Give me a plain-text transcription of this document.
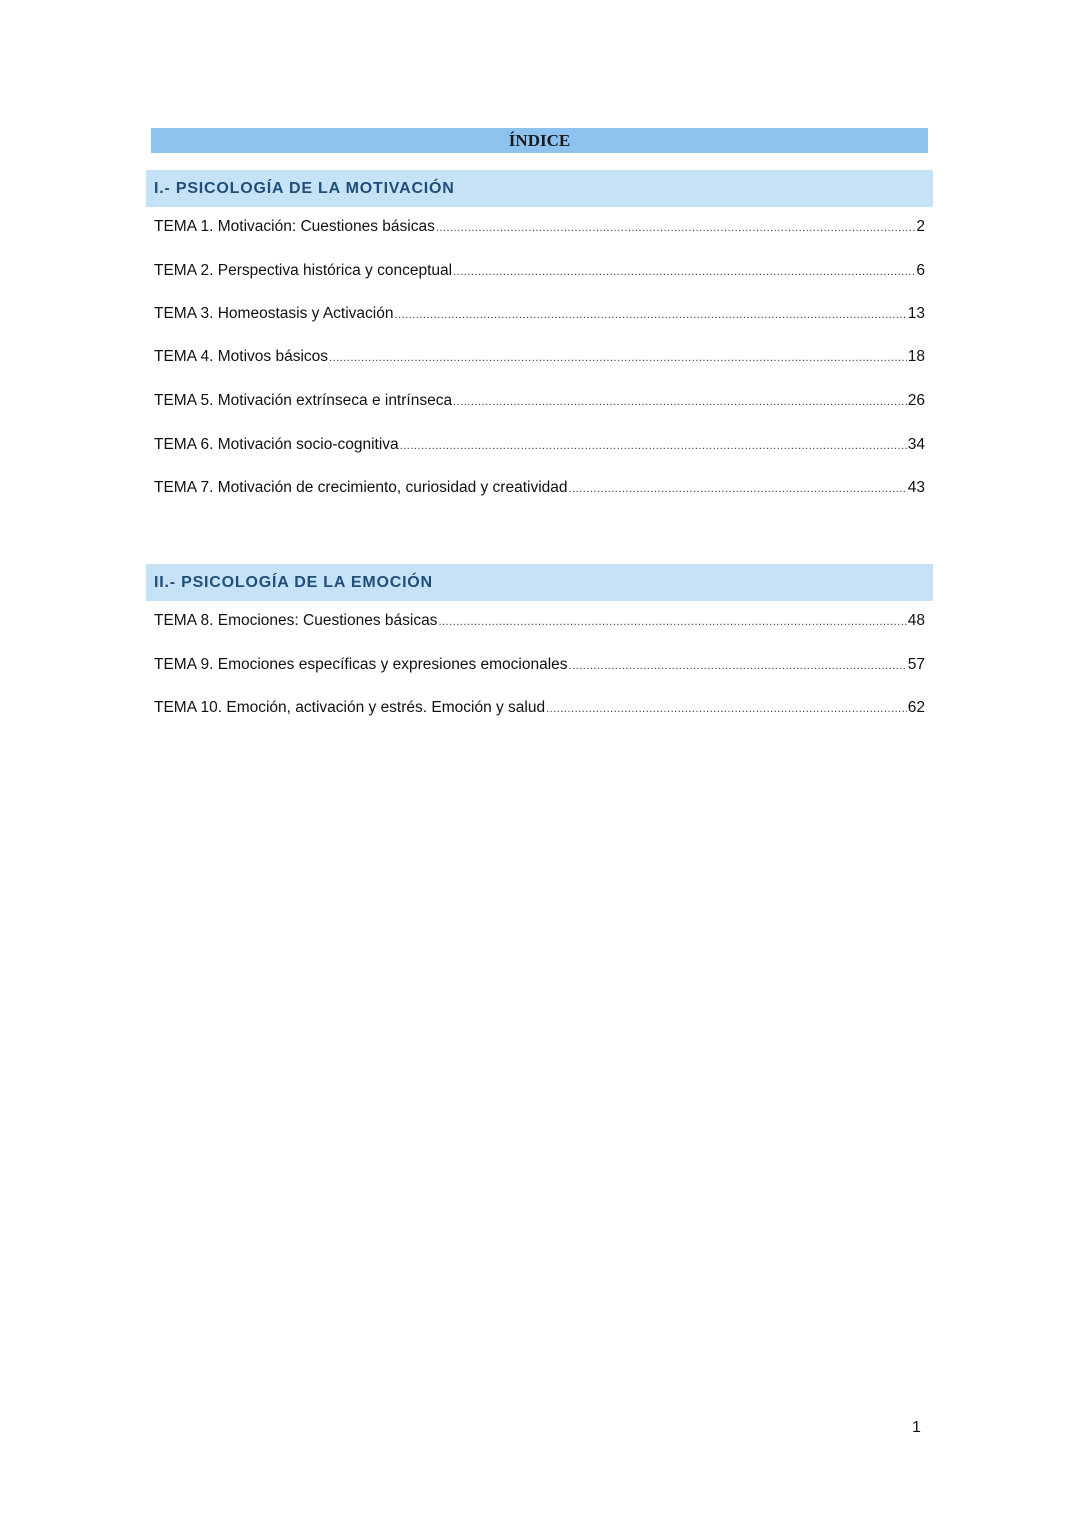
ÍNDICE
I.- PSICOLOGÍA DE LA MOTIVACIÓN
TEMA 1. Motivación: Cuestiones básicas .....	2
TEMA 2. Perspectiva histórica y conceptual .....	6
TEMA 3. Homeostasis y Activación .....	13
TEMA 4. Motivos básicos .....	18
TEMA 5. Motivación extrínseca e intrínseca .....	26
TEMA 6. Motivación socio-cognitiva .....	34
TEMA 7. Motivación de crecimiento, curiosidad y creatividad .....	43
II.- PSICOLOGÍA DE LA EMOCIÓN
TEMA 8. Emociones: Cuestiones básicas .....	48
TEMA 9. Emociones específicas y expresiones emocionales .....	57
TEMA 10. Emoción, activación y estrés. Emoción y salud .....	62
1
